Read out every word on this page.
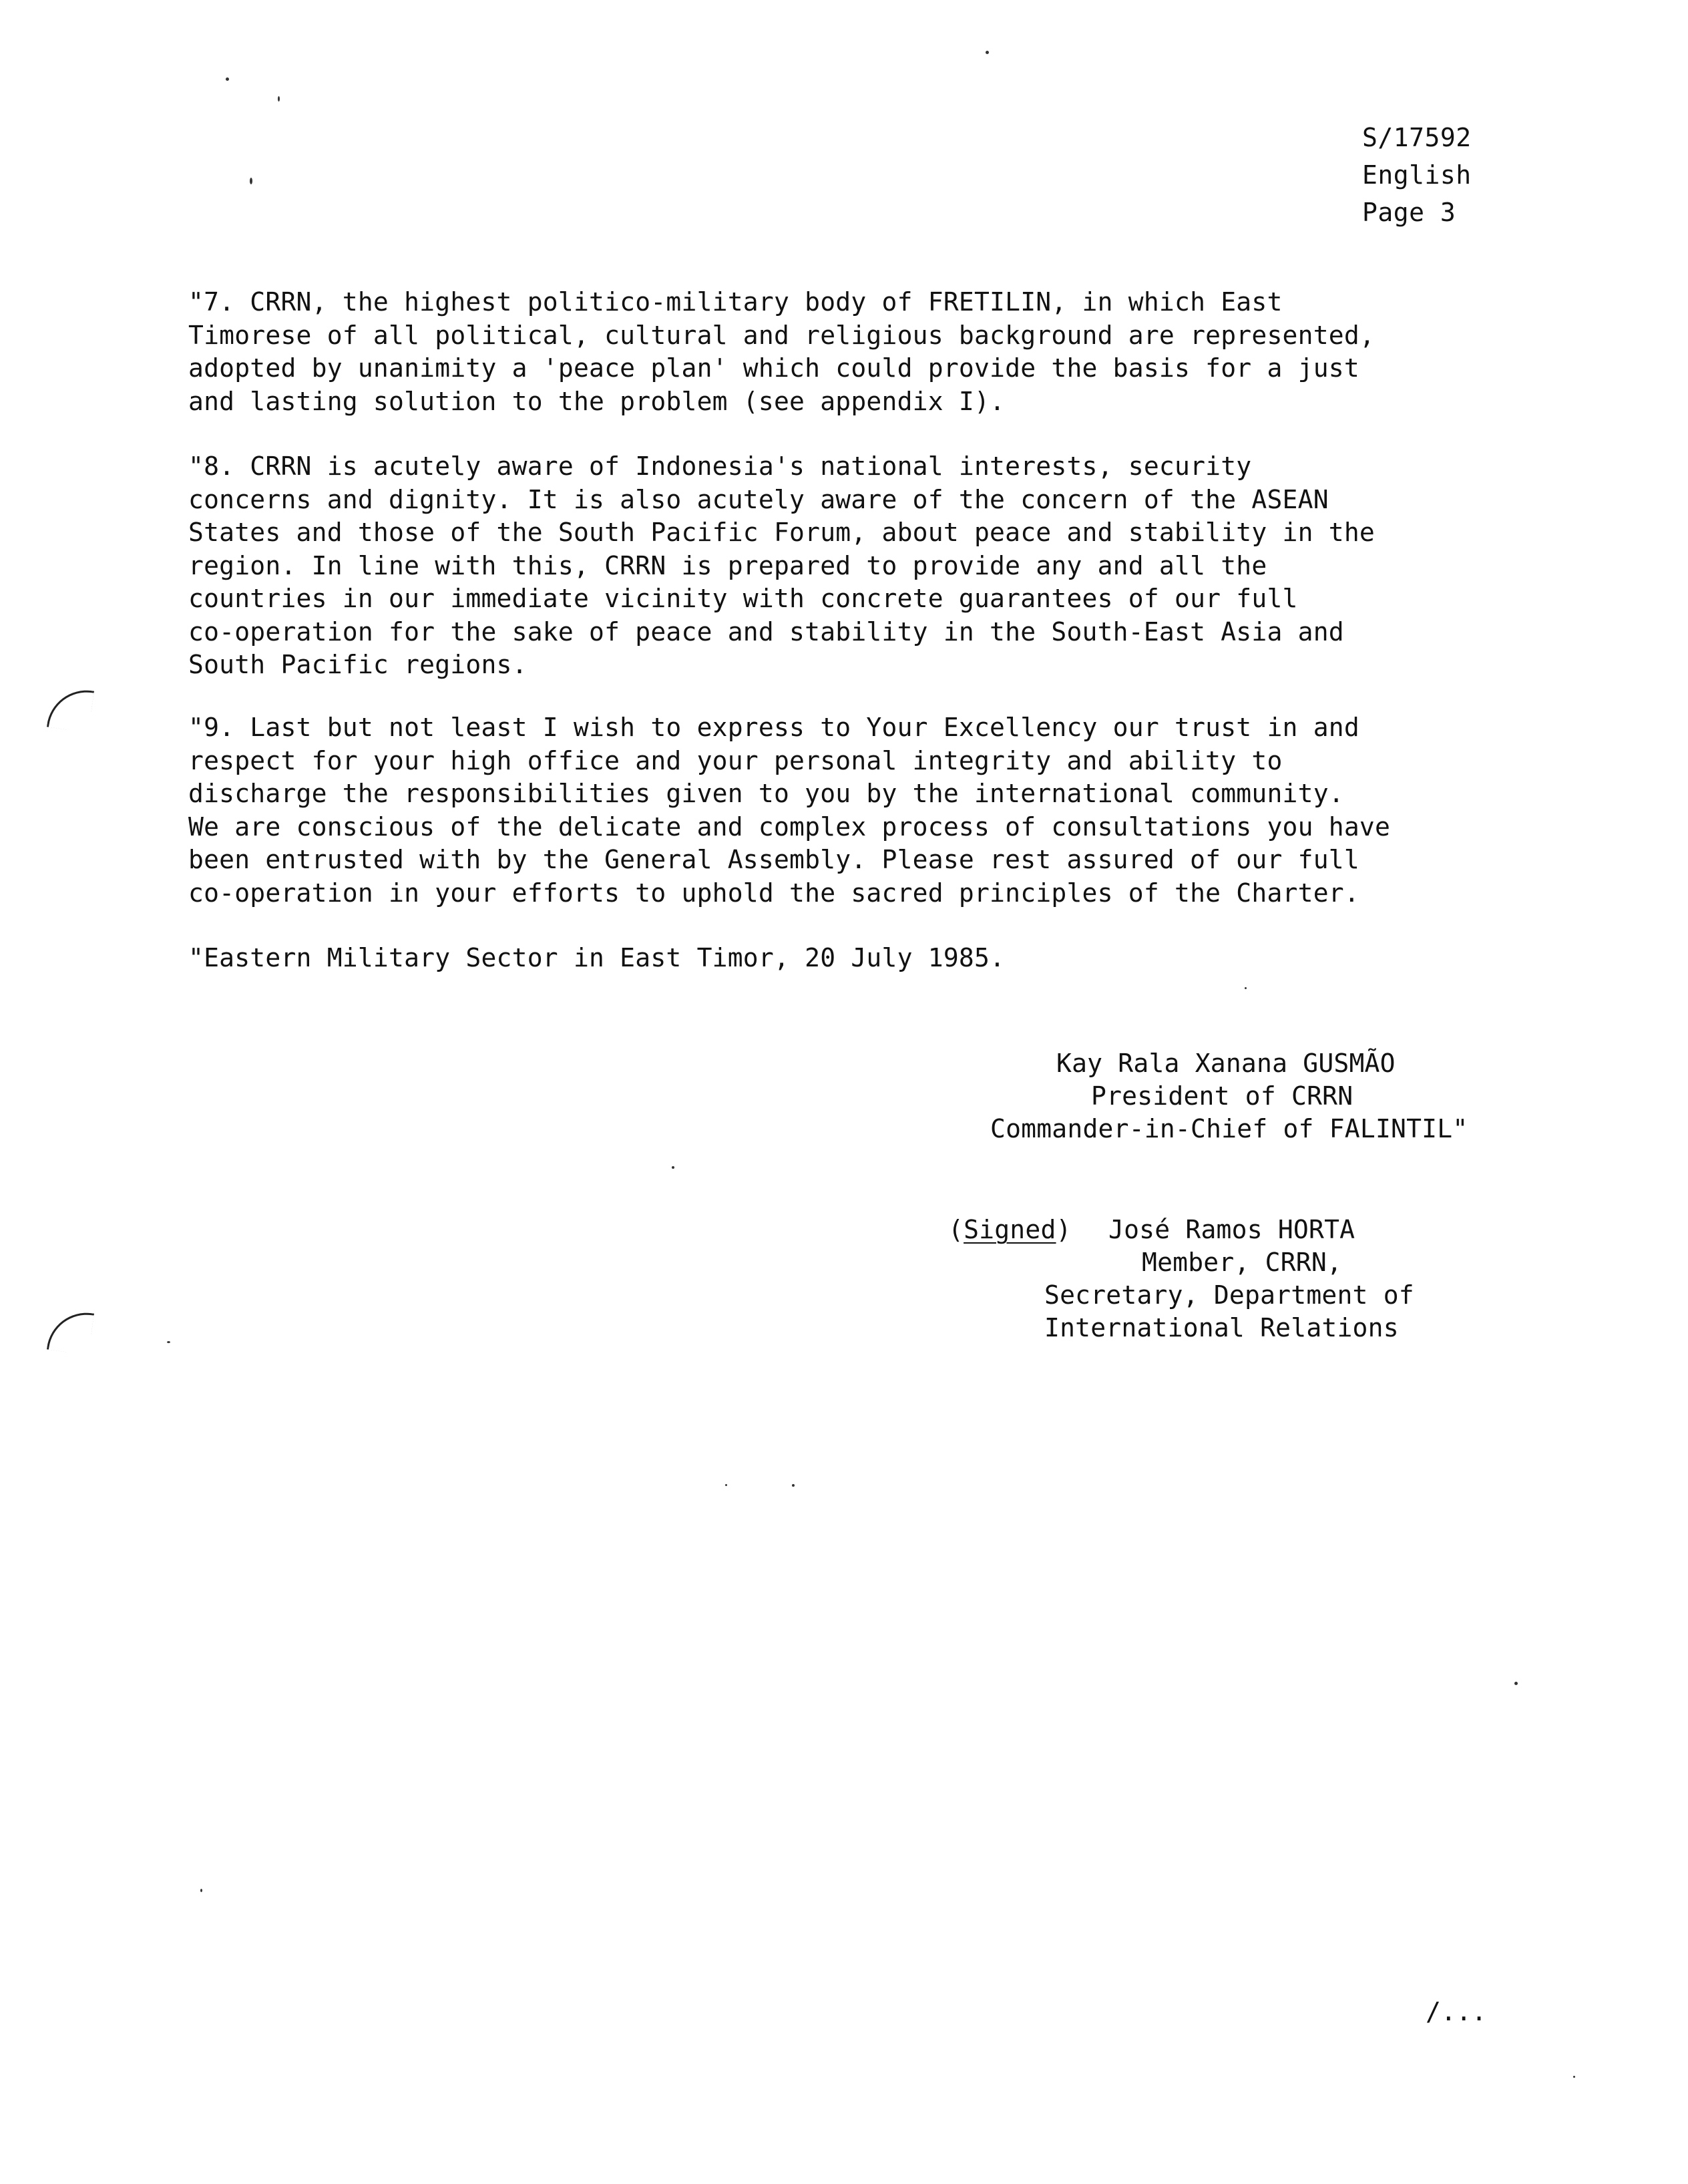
S/17592
English
Page 3
"7. CRRN, the highest politico-military body of FRETILIN, in which East
Timorese of all political, cultural and religious background are represented,
adopted by unanimity a 'peace plan' which could provide the basis for a just
and lasting solution to the problem (see appendix I).
"8. CRRN is acutely aware of Indonesia's national interests, security
concerns and dignity. It is also acutely aware of the concern of the ASEAN
States and those of the South Pacific Forum, about peace and stability in the
region. In line with this, CRRN is prepared to provide any and all the
countries in our immediate vicinity with concrete guarantees of our full
co-operation for the sake of peace and stability in the South-East Asia and
South Pacific regions.
"9. Last but not least I wish to express to Your Excellency our trust in and
respect for your high office and your personal integrity and ability to
discharge the responsibilities given to you by the international community.
We are conscious of the delicate and complex process of consultations you have
been entrusted with by the General Assembly. Please rest assured of our full
co-operation in your efforts to uphold the sacred principles of the Charter.
"Eastern Military Sector in East Timor, 20 July 1985.
Kay Rala Xanana GUSMÃO
President of CRRN
Commander-in-Chief of FALINTIL"
(Signed) José Ramos HORTA
Member, CRRN,
Secretary, Department of
International Relations
/...
